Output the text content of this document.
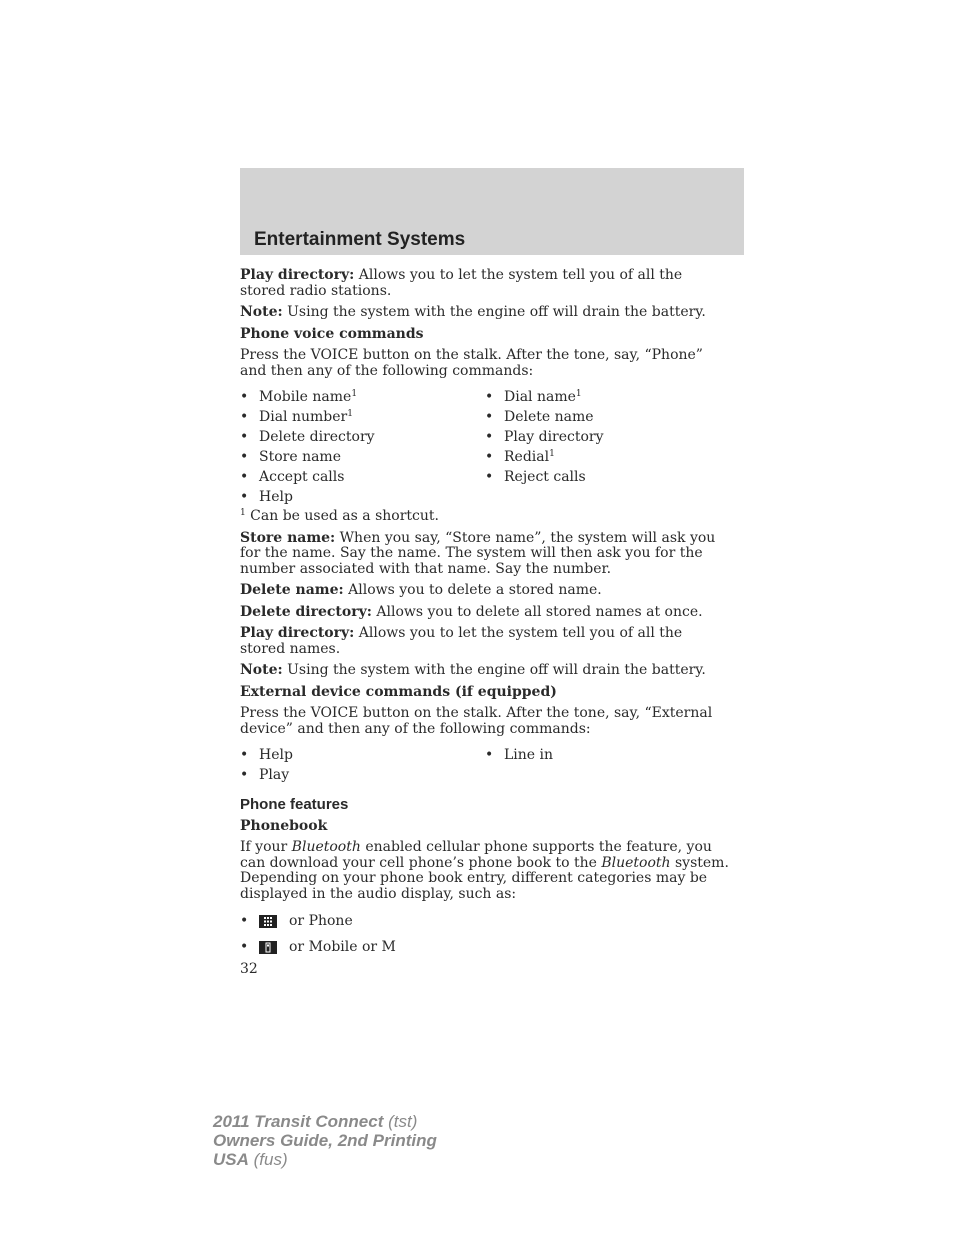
Entertainment Systems

Play directory: Allows you to let the system tell you of all the stored radio stations.

Note: Using the system with the engine off will drain the battery.

Phone voice commands

Press the VOICE button on the stalk. After the tone, say, “Phone” and then any of the following commands:

• Mobile name$^1$
• Dial number$^1$
• Delete directory
• Store name
• Accept calls
• Help
• Dial name$^1$
• Delete name
• Play directory
• Redial$^1$
• Reject calls

$^1$ Can be used as a shortcut.

Store name: When you say, “Store name”, the system will ask you for the name. Say the name. The system will then ask you for the number associated with that name. Say the number.

Delete name: Allows you to delete a stored name.

Delete directory: Allows you to delete all stored names at once.

Play directory: Allows you to let the system tell you of all the stored names.

Note: Using the system with the engine off will drain the battery.

External device commands (if equipped)

Press the VOICE button on the stalk. After the tone, say, “External device” and then any of the following commands:

• Help
• Play
• Line in
Phone features
Phonebook

If your Bluetooth enabled cellular phone supports the feature, you can download your cell phone’s phone book to the Bluetooth system. Depending on your phone book entry, different categories may be displayed in the audio display, such as:

•	or Phone
•	or Mobile or M
32
2011 Transit Connect (tst)
Owners Guide, 2nd Printing
USA (fus)
